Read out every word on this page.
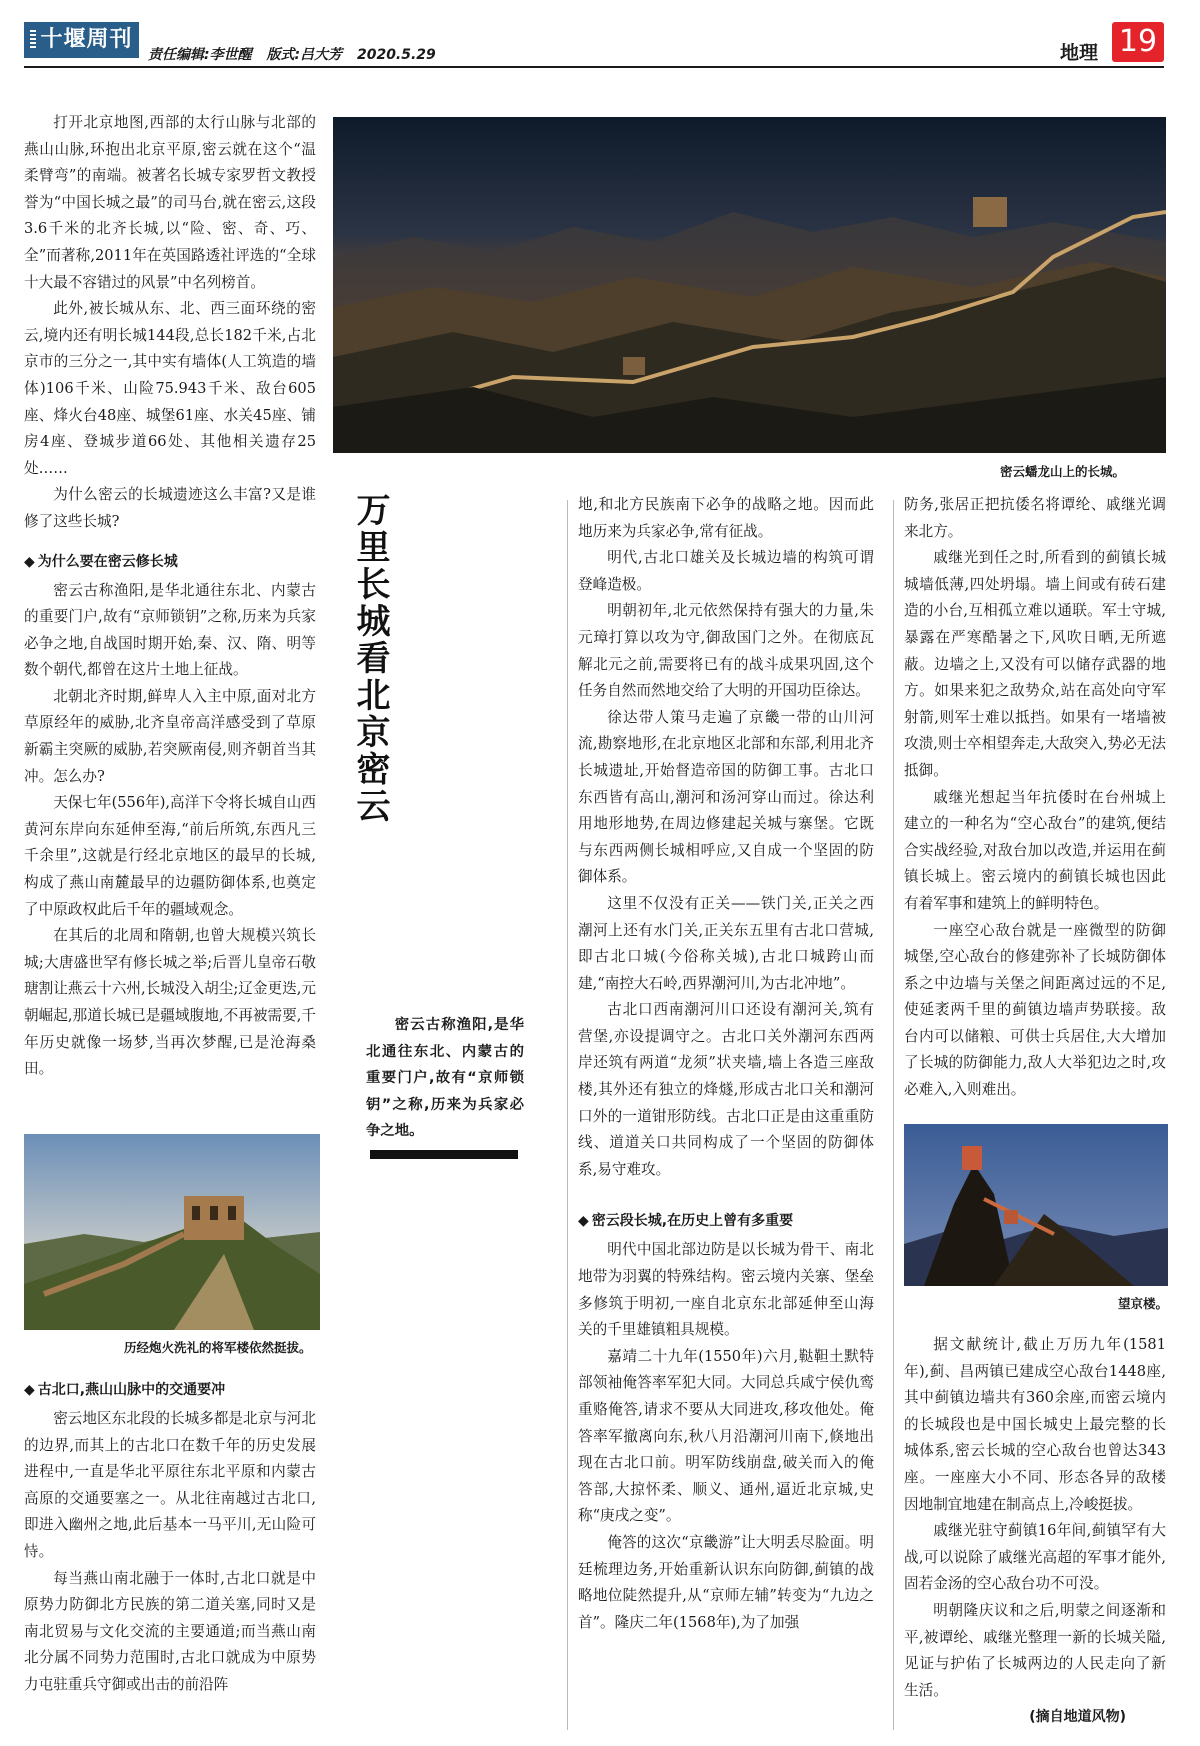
十堰周刊
责任编辑:李世醒 版式:吕大芳 2020.5.29	地理 19
密云蟠龙山上的长城。
万里长城看北京密云
密云古称渔阳,是华北通往东北、内蒙古的重要门户,故有“京师锁钥”之称,历来为兵家必争之地。

打开北京地图,西部的太行山脉与北部的燕山山脉,环抱出北京平原,密云就在这个“温柔臂弯”的南端。被著名长城专家罗哲文教授誉为“中国长城之最”的司马台,就在密云,这段3.6千米的北齐长城,以“险、密、奇、巧、全”而著称,2011年在英国路透社评选的“全球十大最不容错过的风景”中名列榜首。

此外,被长城从东、北、西三面环绕的密云,境内还有明长城144段,总长182千米,占北京市的三分之一,其中实有墙体(人工筑造的墙体)106千米、山险75.943千米、敌台605座、烽火台48座、城堡61座、水关45座、铺房4座、登城步道66处、其他相关遗存25处……

为什么密云的长城遗迹这么丰富?又是谁修了这些长城?

◆ 为什么要在密云修长城

密云古称渔阳,是华北通往东北、内蒙古的重要门户,故有“京师锁钥”之称,历来为兵家必争之地,自战国时期开始,秦、汉、隋、明等数个朝代,都曾在这片土地上征战。

北朝北齐时期,鲜卑人入主中原,面对北方草原经年的威胁,北齐皇帝高洋感受到了草原新霸主突厥的威胁,若突厥南侵,则齐朝首当其冲。怎么办?

天保七年(556年),高洋下令将长城自山西黄河东岸向东延伸至海,“前后所筑,东西凡三千余里”,这就是行经北京地区的最早的长城,构成了燕山南麓最早的边疆防御体系,也奠定了中原政权此后千年的疆域观念。

在其后的北周和隋朝,也曾大规模兴筑长城;大唐盛世罕有修长城之举;后晋儿皇帝石敬瑭割让燕云十六州,长城没入胡尘;辽金更迭,元朝崛起,那道长城已是疆域腹地,不再被需要,千年历史就像一场梦,当再次梦醒,已是沧海桑田。

历经炮火洗礼的将军楼依然挺拔。
◆ 古北口,燕山山脉中的交通要冲

密云地区东北段的长城多都是北京与河北的边界,而其上的古北口在数千年的历史发展进程中,一直是华北平原往东北平原和内蒙古高原的交通要塞之一。从北往南越过古北口,即进入幽州之地,此后基本一马平川,无山险可恃。

每当燕山南北融于一体时,古北口就是中原势力防御北方民族的第二道关塞,同时又是南北贸易与文化交流的主要通道;而当燕山南北分属不同势力范围时,古北口就成为中原势力屯驻重兵守御或出击的前沿阵

地,和北方民族南下必争的战略之地。因而此地历来为兵家必争,常有征战。

明代,古北口雄关及长城边墙的构筑可谓登峰造极。

明朝初年,北元依然保持有强大的力量,朱元璋打算以攻为守,御敌国门之外。在彻底瓦解北元之前,需要将已有的战斗成果巩固,这个任务自然而然地交给了大明的开国功臣徐达。

徐达带人策马走遍了京畿一带的山川河流,勘察地形,在北京地区北部和东部,利用北齐长城遗址,开始督造帝国的防御工事。古北口东西皆有高山,潮河和汤河穿山而过。徐达利用地形地势,在周边修建起关城与寨堡。它既与东西两侧长城相呼应,又自成一个坚固的防御体系。

这里不仅没有正关——铁门关,正关之西潮河上还有水门关,正关东五里有古北口营城,即古北口城(今俗称关城),古北口城跨山而建,“南控大石岭,西界潮河川,为古北冲地”。

古北口西南潮河川口还设有潮河关,筑有营堡,亦设提调守之。古北口关外潮河东西两岸还筑有两道“龙须”状夹墙,墙上各造三座敌楼,其外还有独立的烽燧,形成古北口关和潮河口外的一道钳形防线。古北口正是由这重重防线、道道关口共同构成了一个坚固的防御体系,易守难攻。

◆ 密云段长城,在历史上曾有多重要

明代中国北部边防是以长城为骨干、南北地带为羽翼的特殊结构。密云境内关寨、堡垒多修筑于明初,一座自北京东北部延伸至山海关的千里雄镇粗具规模。

嘉靖二十九年(1550年)六月,鞑靼土默特部领袖俺答率军犯大同。大同总兵咸宁侯仇鸾重赂俺答,请求不要从大同进攻,移攻他处。俺答率军撤离向东,秋八月沿潮河川南下,倏地出现在古北口前。明军防线崩盘,破关而入的俺答部,大掠怀柔、顺义、通州,逼近北京城,史称“庚戌之变”。

俺答的这次“京畿游”让大明丢尽脸面。明廷梳理边务,开始重新认识东向防御,蓟镇的战略地位陡然提升,从“京师左辅”转变为“九边之首”。隆庆二年(1568年),为了加强

防务,张居正把抗倭名将谭纶、戚继光调来北方。

戚继光到任之时,所看到的蓟镇长城城墙低薄,四处坍塌。墙上间或有砖石建造的小台,互相孤立难以通联。军士守城,暴露在严寒酷暑之下,风吹日晒,无所遮蔽。边墙之上,又没有可以储存武器的地方。如果来犯之敌势众,站在高处向守军射箭,则军士难以抵挡。如果有一堵墙被攻溃,则士卒相望奔走,大敌突入,势必无法抵御。

戚继光想起当年抗倭时在台州城上建立的一种名为“空心敌台”的建筑,便结合实战经验,对敌台加以改造,并运用在蓟镇长城上。密云境内的蓟镇长城也因此有着军事和建筑上的鲜明特色。

一座空心敌台就是一座微型的防御城堡,空心敌台的修建弥补了长城防御体系之中边墙与关堡之间距离过远的不足,使延袤两千里的蓟镇边墙声势联接。敌台内可以储粮、可供士兵居住,大大增加了长城的防御能力,敌人大举犯边之时,攻必难入,入则难出。

望京楼。

据文献统计,截止万历九年(1581年),蓟、昌两镇已建成空心敌台1448座,其中蓟镇边墙共有360余座,而密云境内的长城段也是中国长城史上最完整的长城体系,密云长城的空心敌台也曾达343座。一座座大小不同、形态各异的敌楼因地制宜地建在制高点上,冷峻挺拔。

戚继光驻守蓟镇16年间,蓟镇罕有大战,可以说除了戚继光高超的军事才能外,固若金汤的空心敌台功不可没。

明朝隆庆议和之后,明蒙之间逐渐和平,被谭纶、戚继光整理一新的长城关隘,见证与护佑了长城两边的人民走向了新生活。

(摘自地道风物)
